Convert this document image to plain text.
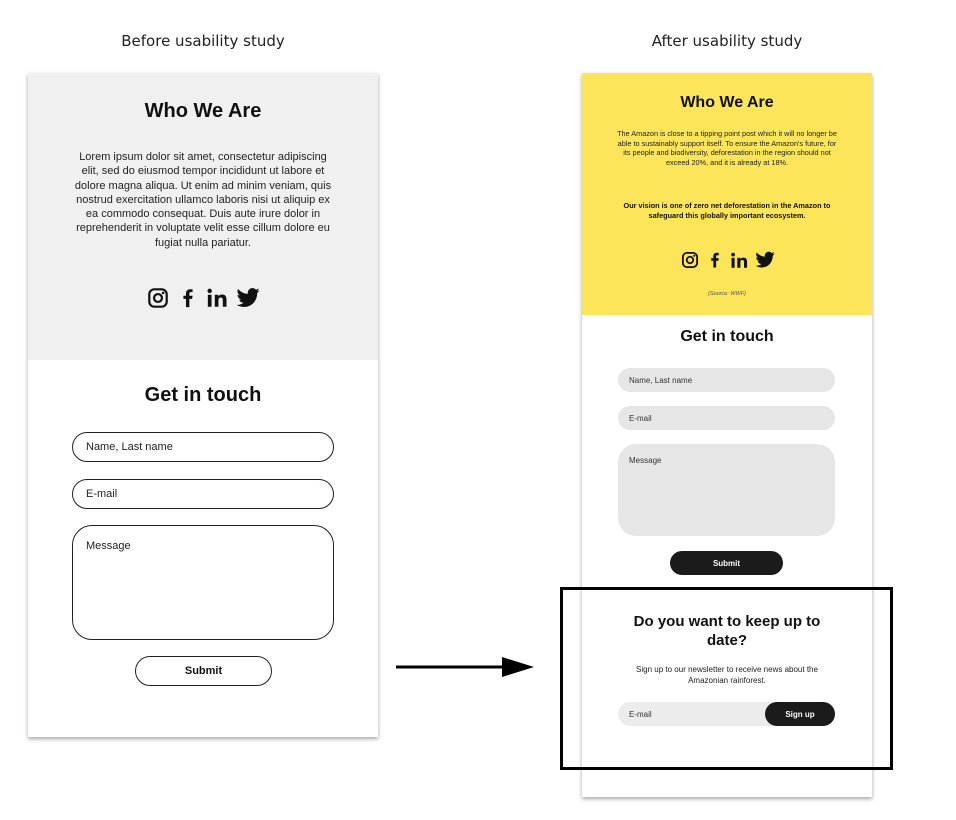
Before usability study	After usability study
Who We Are
Lorem ipsum dolor sit amet, consectetur adipiscing elit, sed do eiusmod tempor incididunt ut labore et dolore magna aliqua. Ut enim ad minim veniam, quis nostrud exercitation ullamco laboris nisi ut aliquip ex ea commodo consequat. Duis aute irure dolor in reprehenderit in voluptate velit esse cillum dolore eu fugiat nulla pariatur.
Get in touch
Name, Last name
E-mail
Message
Submit
Who We Are
The Amazon is close to a tipping point post which it will no longer be able to sustainably support itself. To ensure the Amazon's future, for its people and biodiversity, deforestation in the region should not exceed 20%, and it is already at 18%.
Our vision is one of zero net deforestation in the Amazon to safeguard this globally important ecosystem.
(Source: WWF)
Get in touch
Name, Last name
E-mail
Message
Submit
Do you want to keep up to date?
Sign up to our newsletter to receive news about the Amazonian rainforest.
E-mail	Sign up
